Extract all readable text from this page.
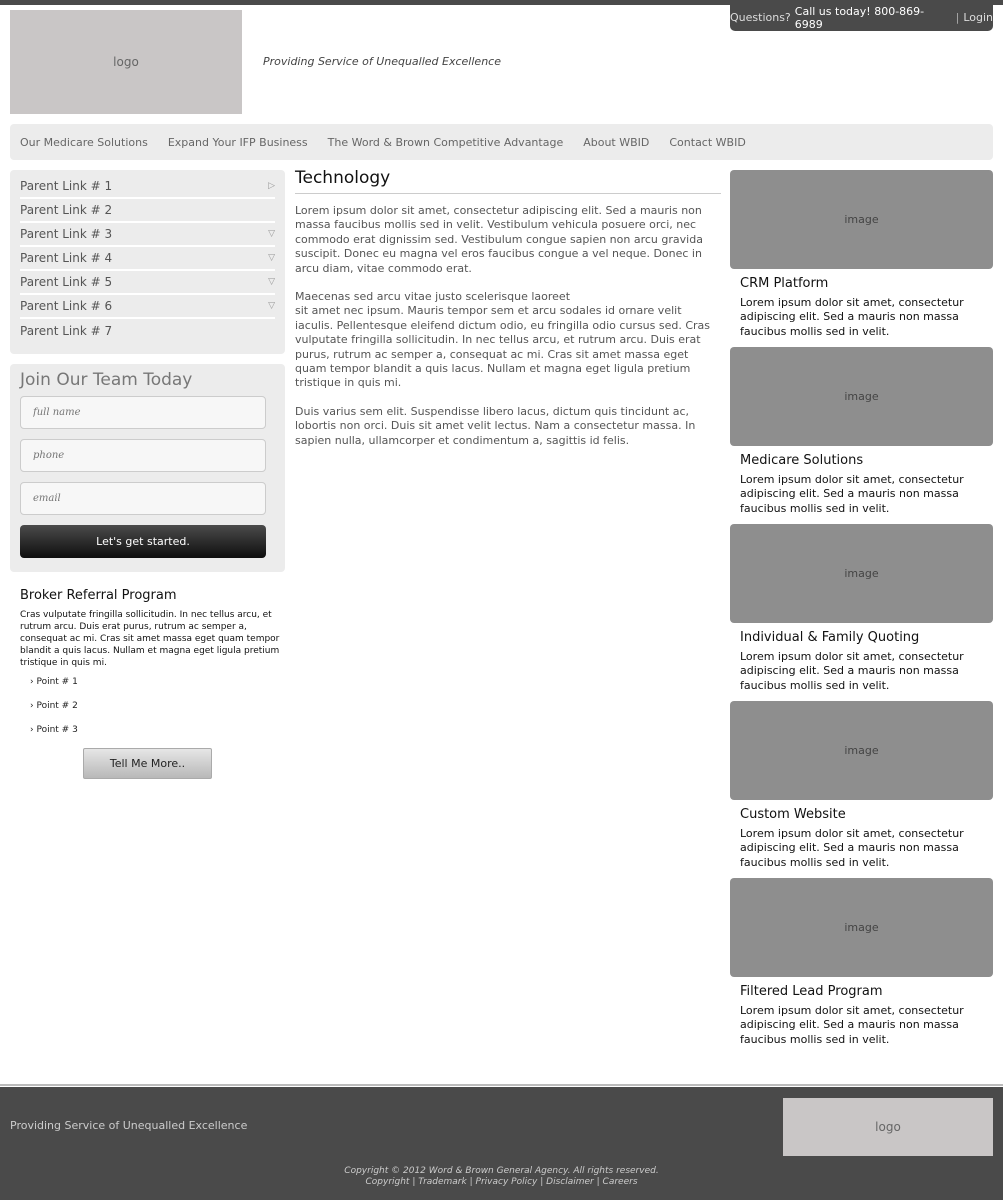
Questions? Call us today! 800-869-6989	| Login
logo	Providing Service of Unequalled Excellence
Our Medicare Solutions Expand Your IFP Business The Word & Brown Competitive Advantage About WBID Contact WBID
Parent Link # 1	▷
Parent Link # 2
Parent Link # 3	▽
Parent Link # 4	▽
Parent Link # 5	▽
Parent Link # 6	▽
Parent Link # 7
Join Our Team Today
full name
phone
email
Let's get started.
Broker Referral Program

Cras vulputate fringilla sollicitudin. In nec tellus arcu, et rutrum arcu. Duis erat purus, rutrum ac semper a, consequat ac mi. Cras sit amet massa eget quam tempor blandit a quis lacus. Nullam et magna eget ligula pretium tristique in quis mi.

› Point # 1
› Point # 2
› Point # 3
Tell Me More..
Technology

Lorem ipsum dolor sit amet, consectetur adipiscing elit. Sed a mauris non massa faucibus mollis sed in velit. Vestibulum vehicula posuere orci, nec commodo erat dignissim sed. Vestibulum congue sapien non arcu gravida suscipit. Donec eu magna vel eros faucibus congue a vel neque. Donec in arcu diam, vitae commodo erat.

Maecenas sed arcu vitae justo scelerisque laoreet
sit amet nec ipsum. Mauris tempor sem et arcu sodales id ornare velit iaculis. Pellentesque eleifend dictum odio, eu fringilla odio cursus sed. Cras vulputate fringilla sollicitudin. In nec tellus arcu, et rutrum arcu. Duis erat purus, rutrum ac semper a, consequat ac mi. Cras sit amet massa eget quam tempor blandit a quis lacus. Nullam et magna eget ligula pretium tristique in quis mi.

Duis varius sem elit. Suspendisse libero lacus, dictum quis tincidunt ac, lobortis non orci. Duis sit amet velit lectus. Nam a consectetur massa. In sapien nulla, ullamcorper et condimentum a, sagittis id felis.

image
CRM Platform

Lorem ipsum dolor sit amet, consectetur adipiscing elit. Sed a mauris non massa faucibus mollis sed in velit.

image
Medicare Solutions

Lorem ipsum dolor sit amet, consectetur adipiscing elit. Sed a mauris non massa faucibus mollis sed in velit.

image
Individual & Family Quoting

Lorem ipsum dolor sit amet, consectetur adipiscing elit. Sed a mauris non massa faucibus mollis sed in velit.

image
Custom Website

Lorem ipsum dolor sit amet, consectetur adipiscing elit. Sed a mauris non massa faucibus mollis sed in velit.

image
Filtered Lead Program

Lorem ipsum dolor sit amet, consectetur adipiscing elit. Sed a mauris non massa faucibus mollis sed in velit.

Providing Service of Unequalled Excellence	logo
Copyright © 2012 Word & Brown General Agency. All rights reserved.
Copyright | Trademark | Privacy Policy | Disclaimer | Careers
